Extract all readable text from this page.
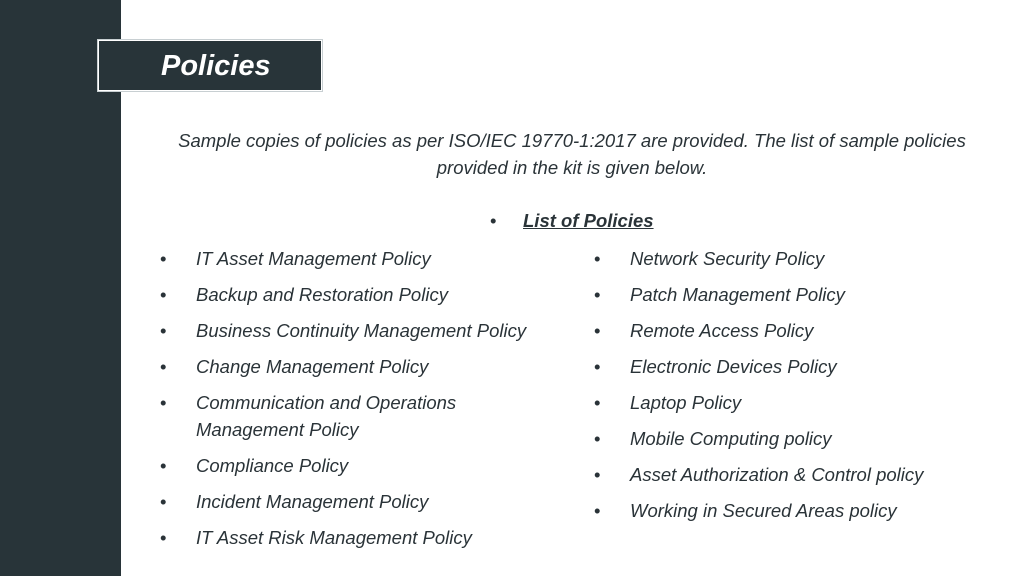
Policies
Sample copies of policies as per ISO/IEC 19770-1:2017 are provided. The list of sample policies provided in the kit is given below.
• List of Policies
• IT Asset Management Policy
• Backup and Restoration Policy
• Business Continuity Management Policy
• Change Management Policy
• Communication and Operations Management Policy
• Compliance Policy
• Incident Management Policy
• IT Asset Risk Management Policy
• Network Security Policy
• Patch Management Policy
• Remote Access Policy
• Electronic Devices Policy
• Laptop Policy
• Mobile Computing policy
• Asset Authorization & Control policy
• Working in Secured Areas policy
